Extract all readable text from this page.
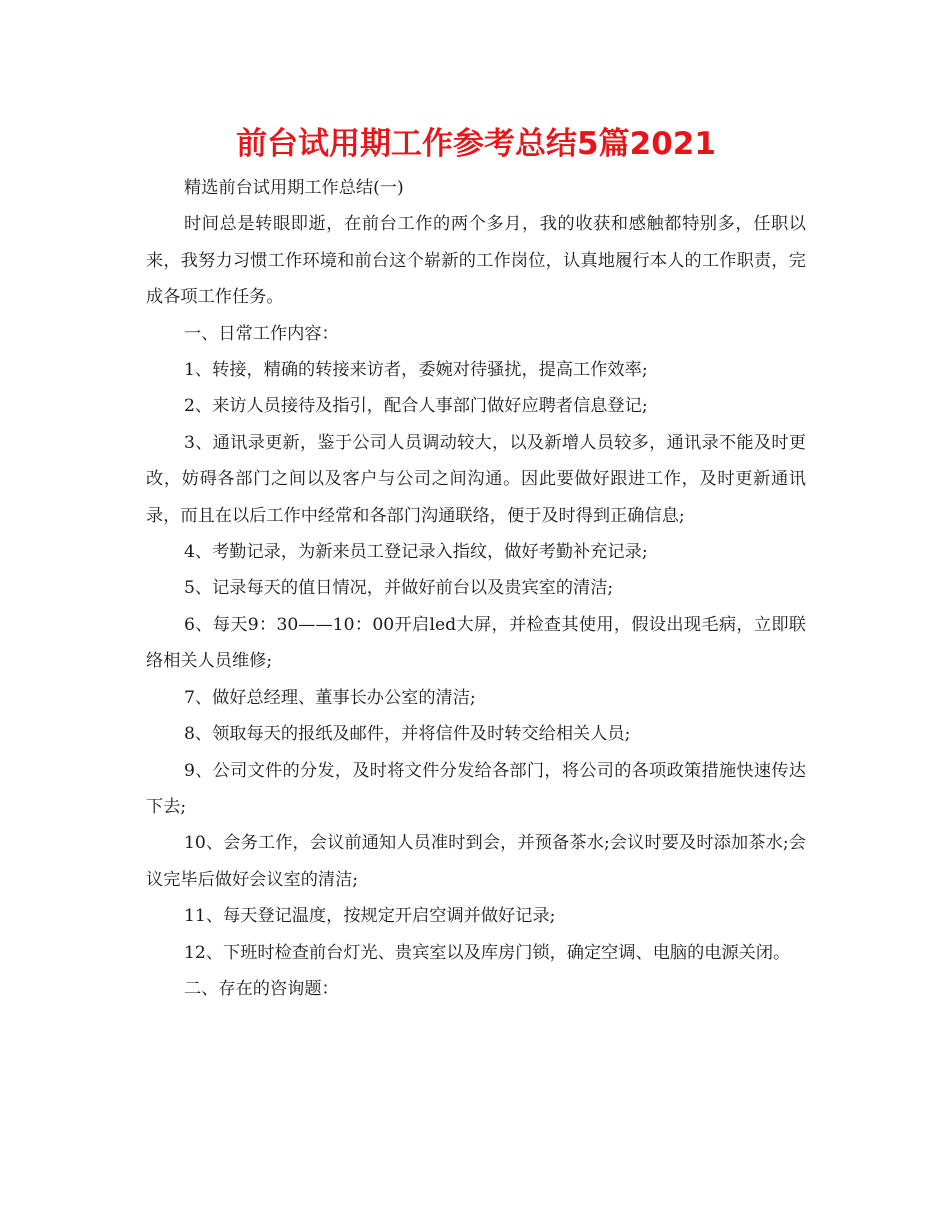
前台试用期工作参考总结5篇2021

精选前台试用期工作总结(一)

时间总是转眼即逝，在前台工作的两个多月，我的收获和感触都特别多，任职以来，我努力习惯工作环境和前台这个崭新的工作岗位，认真地履行本人的工作职责，完成各项工作任务。

一、日常工作内容：

1、转接，精确的转接来访者，委婉对待骚扰，提高工作效率;

2、来访人员接待及指引，配合人事部门做好应聘者信息登记;

3、通讯录更新，鉴于公司人员调动较大，以及新增人员较多，通讯录不能及时更改，妨碍各部门之间以及客户与公司之间沟通。因此要做好跟进工作，及时更新通讯录，而且在以后工作中经常和各部门沟通联络，便于及时得到正确信息;

4、考勤记录，为新来员工登记录入指纹，做好考勤补充记录;

5、记录每天的值日情况，并做好前台以及贵宾室的清洁;

6、每天9：30——10：00开启led大屏，并检查其使用，假设出现毛病，立即联络相关人员维修;

7、做好总经理、董事长办公室的清洁;

8、领取每天的报纸及邮件，并将信件及时转交给相关人员;

9、公司文件的分发，及时将文件分发给各部门，将公司的各项政策措施快速传达下去;

10、会务工作，会议前通知人员准时到会，并预备茶水;会议时要及时添加茶水;会议完毕后做好会议室的清洁;

11、每天登记温度，按规定开启空调并做好记录;

12、下班时检查前台灯光、贵宾室以及库房门锁，确定空调、电脑的电源关闭。

二、存在的咨询题：
